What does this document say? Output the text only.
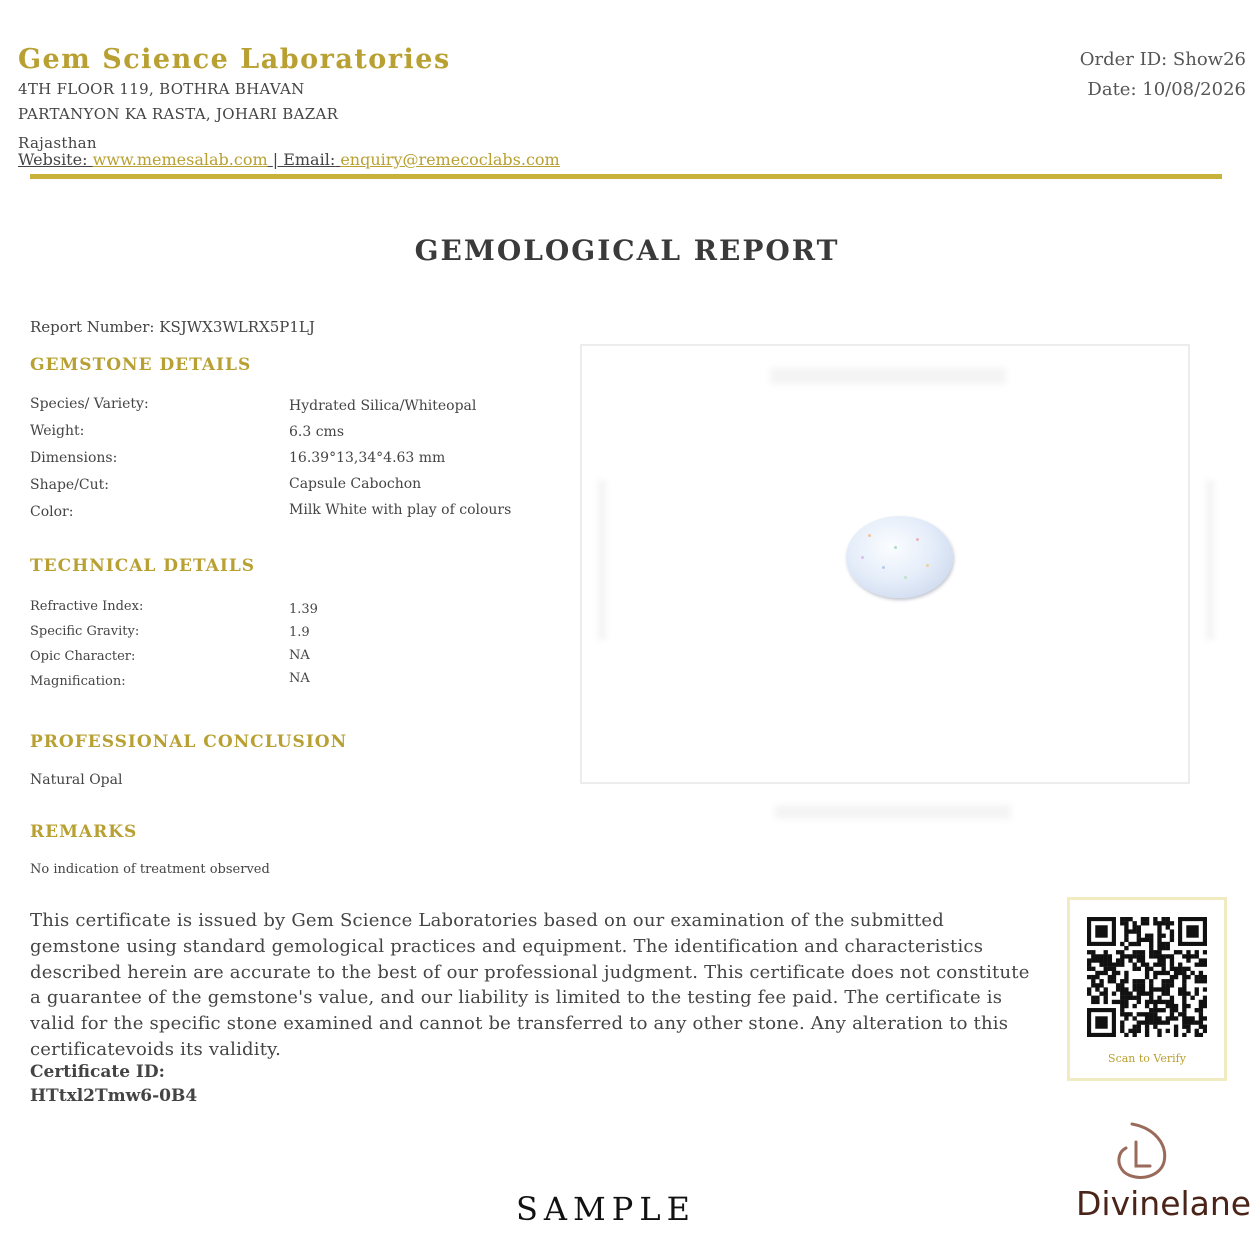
Gem Science Laboratories
4TH FLOOR 119, BOTHRA BHAVAN
PARTANYON KA RASTA, JOHARI BAZAR
Rajasthan
Website: www.memesalab.com | Email: enquiry@remecoclabs.com
Order ID: Show26
Date: 10/08/2026
GEMOLOGICAL REPORT
Report Number: KSJWX3WLRX5P1LJ
GEMSTONE DETAILS
Species/ Variety:	Hydrated Silica/Whiteopal
Weight:	6.3 cms
Dimensions:	16.39°13,34°4.63 mm
Shape/Cut:	Capsule Cabochon
Color:	Milk White with play of colours
TECHNICAL DETAILS
Refractive Index:	1.39
Specific Gravity:	1.9
Opic Character:	NA
Magnification:	NA
PROFESSIONAL CONCLUSION
Natural Opal
REMARKS
No indication of treatment observed
This certificate is issued by Gem Science Laboratories based on our examination of the submitted gemstone using standard gemological practices and equipment. The identification and characteristics described herein are accurate to the best of our professional judgment. This certificate does not constitute a guarantee of the gemstone's value, and our liability is limited to the testing fee paid. The certificate is valid for the specific stone examined and cannot be transferred to any other stone. Any alteration to this certificatevoids its validity.
Certificate ID:
HTtxl2Tmw6-0B4
Scan to Verify
SAMPLE	Divinelane
